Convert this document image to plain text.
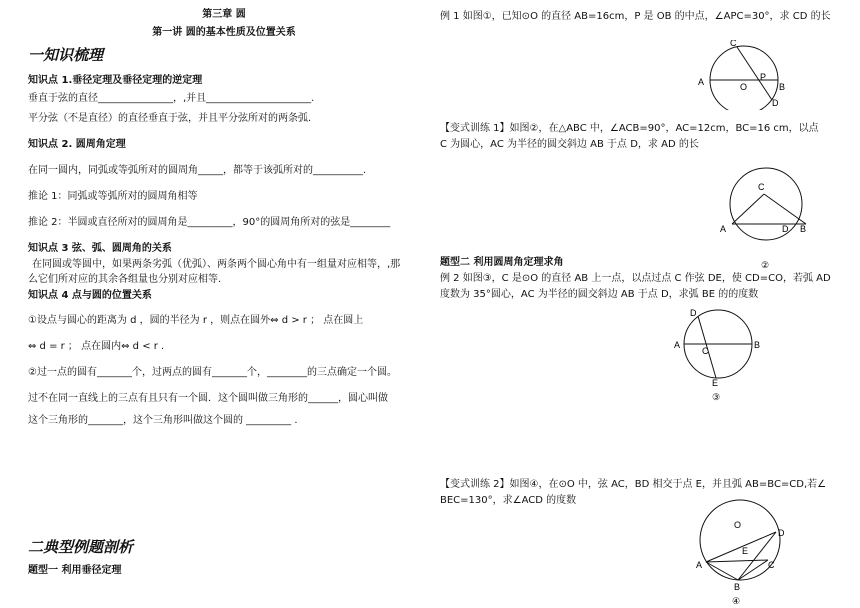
第三章 圆
第一讲 圆的基本性质及位置关系
一知识梳理
知识点 1.垂径定理及垂径定理的逆定理
垂直于弦的直径_______________，,并且_____________________.
平分弦（不是直径）的直径垂直于弦，并且平分弦所对的两条弧.
知识点 2. 圆周角定理
在同一圆内，同弧或等弧所对的圆周角_____，都等于该弧所对的__________.
推论 1：同弧或等弧所对的圆周角相等
推论 2：半圆或直径所对的圆周角是_________，90°的圆周角所对的弦是________
知识点 3 弦、弧、圆周角的关系
在同圆或等圆中，如果两条劣弧（优弧）、两条两个圆心角中有一组量对应相等，,那
么它们所对应的其余各组量也分别对应相等.
知识点 4 点与圆的位置关系
①设点与圆心的距离为 d ，圆的半径为 r ，则点在圆外⇔ d > r ； 点在圆上
⇔ d = r ； 点在圆内⇔ d < r .
②过一点的圆有_______个，过两点的圆有_______个，________的三点确定一个圆。
过不在同一直线上的三点有且只有一个圆．这个圆叫做三角形的______，圆心叫做
这个三角形的_______，这个三角形叫做这个圆的 _________ .
二典型例题剖析
题型一 利用垂径定理
例 1 如图①，已知⊙O 的直径 AB=16cm，P 是 OB 的中点，∠APC=30°，求 CD 的长
【变式训练 1】如图②，在△ABC 中，∠ACB=90°，AC=12cm，BC=16 cm，以点
C 为圆心，AC 为半径的圆交斜边 AB 于点 D，求 AD 的长
题型二 利用圆周角定理求角
例 2 如图③，C 是⊙O 的直径 AB 上一点，以点过点 C 作弦 DE，使 CD=CO，若弧 AD
度数为 35°圆心，AC 为半径的圆交斜边 AB 于点 D，求弧 BE 的的度数
【变式训练 2】如图④，在⊙O 中，弦 AC，BD 相交于点 E，并且弧 AB=BC=CD,若∠
BEC=130°，求∠ACD 的度数
A	O	B
C
P
D
C
A	D B
②
D
A
C
B
E
③
O
D
E
A	C
B
④
